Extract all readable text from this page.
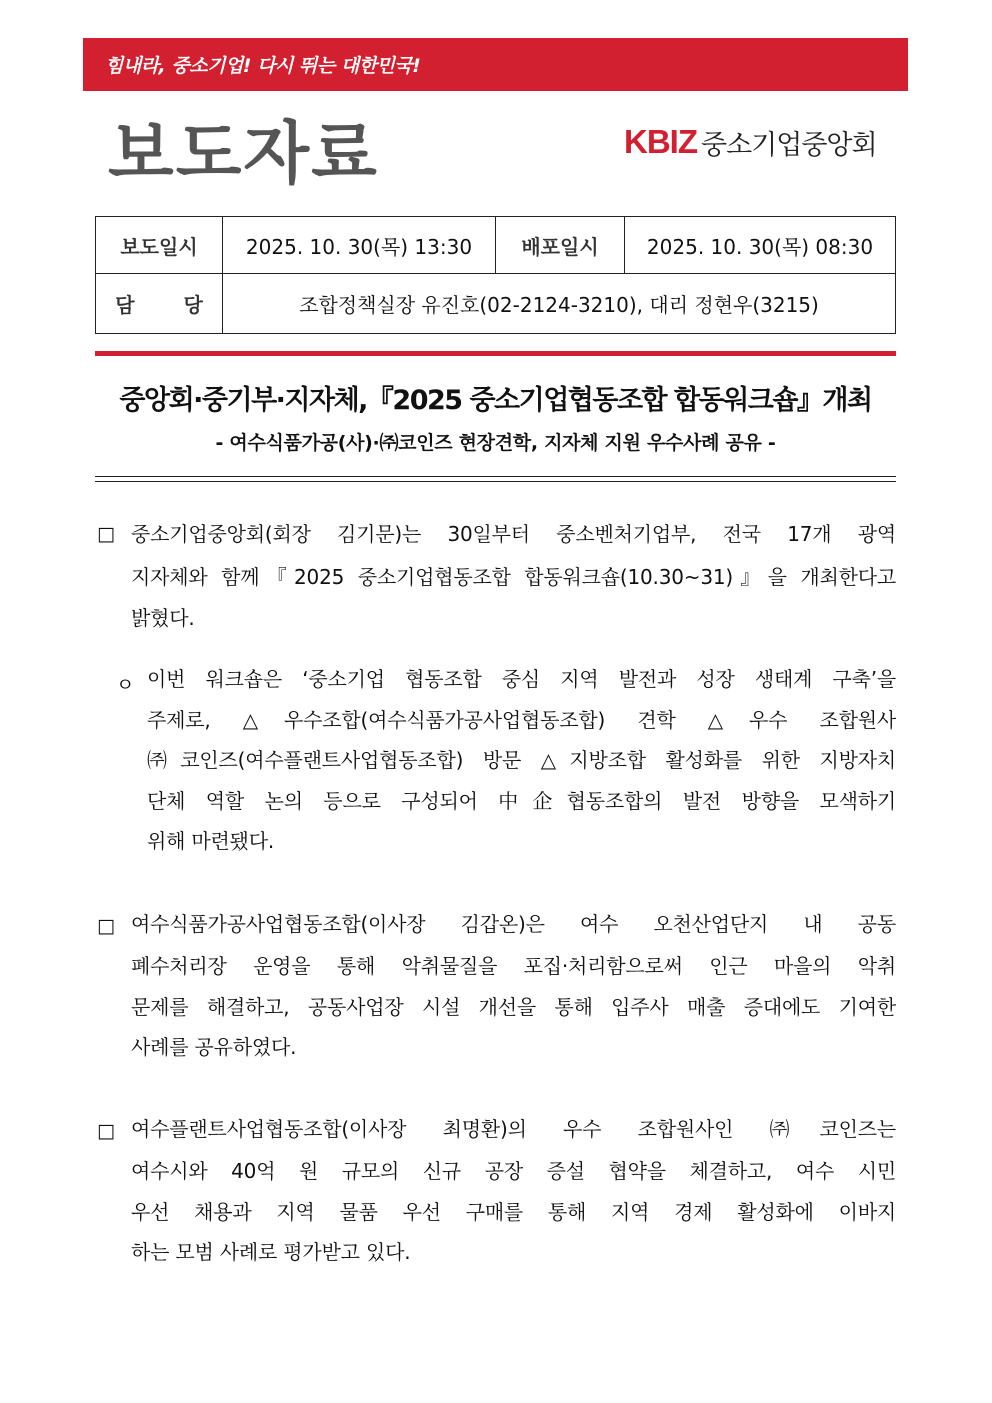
힘내라, 중소기업! 다시 뛰는 대한민국!
보도자료	KBIZ 중소기업중앙회
보도일시	2025. 10. 30(목) 13:30	배포일시	2025. 10. 30(목) 08:30
담 당	조합정책실장 유진호(02-2124-3210), 대리 정현우(3215)		
중앙회·중기부·지자체,『2025 중소기업협동조합 합동워크숍』개최
- 여수식품가공(사)·㈜코인즈 현장견학, 지자체 지원 우수사례 공유 -
□ 중소기업중앙회(회장 김기문)는 30일부터 중소벤처기업부, 전국 17개 광역
지자체와 함께『2025 중소기업협동조합 합동워크숍(10.30~31)』을 개최한다고
밝혔다.
ㅇ 이번 워크숍은 ‘중소기업 협동조합 중심 지역 발전과 성장 생태계 구축’을
주제로, △우수조합(여수식품가공사업협동조합) 견학 △우수 조합원사
㈜코인즈(여수플랜트사업협동조합) 방문 △지방조합 활성화를 위한 지방자치
단체 역할 논의 등으로 구성되어 中企협동조합의 발전 방향을 모색하기
위해 마련됐다.
□ 여수식품가공사업협동조합(이사장 김갑온)은 여수 오천산업단지 내 공동
폐수처리장 운영을 통해 악취물질을 포집·처리함으로써 인근 마을의 악취
문제를 해결하고, 공동사업장 시설 개선을 통해 입주사 매출 증대에도 기여한
사례를 공유하였다.
□ 여수플랜트사업협동조합(이사장 최명환)의 우수 조합원사인 ㈜코인즈는
여수시와 40억 원 규모의 신규 공장 증설 협약을 체결하고, 여수 시민
우선 채용과 지역 물품 우선 구매를 통해 지역 경제 활성화에 이바지
하는 모범 사례로 평가받고 있다.
